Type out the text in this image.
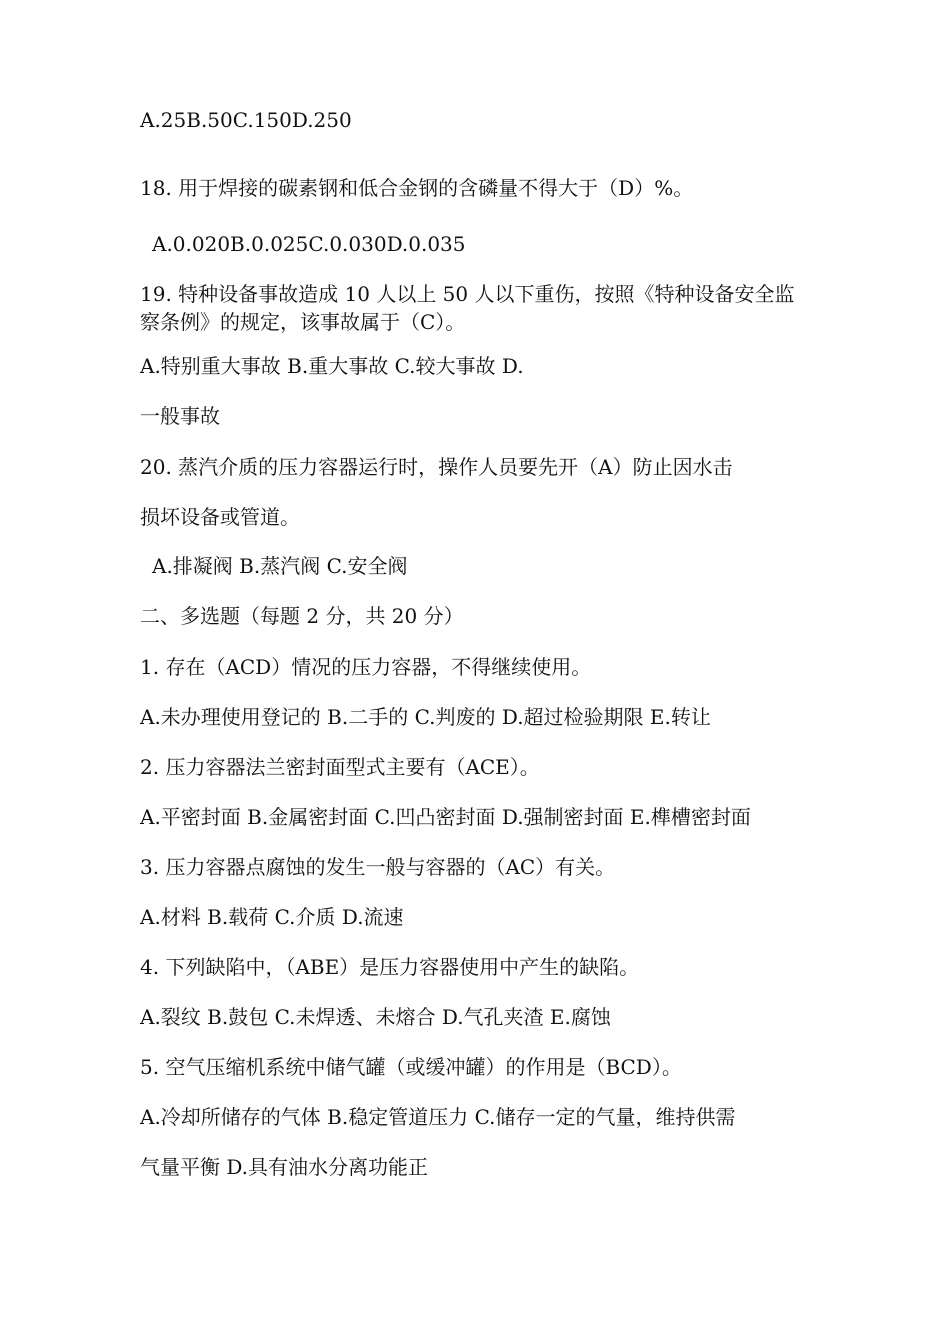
A.25B.50C.150D.250
18. 用于焊接的碳素钢和低合金钢的含磷量不得大于（D）%。
A.0.020B.0.025C.0.030D.0.035
19. 特种设备事故造成 10 人以上 50 人以下重伤，按照《特种设备安全监察条例》的规定，该事故属于（C）。
A.特别重大事故 B.重大事故 C.较大事故 D.
一般事故
20. 蒸汽介质的压力容器运行时，操作人员要先开（A）防止因水击
损坏设备或管道。
A.排凝阀 B.蒸汽阀 C.安全阀
二、多选题（每题 2 分，共 20 分）
1. 存在（ACD）情况的压力容器，不得继续使用。
A.未办理使用登记的 B.二手的 C.判废的 D.超过检验期限 E.转让
2. 压力容器法兰密封面型式主要有（ACE）。
A.平密封面 B.金属密封面 C.凹凸密封面 D.强制密封面 E.榫槽密封面
3. 压力容器点腐蚀的发生一般与容器的（AC）有关。
A.材料 B.载荷 C.介质 D.流速
4. 下列缺陷中，（ABE）是压力容器使用中产生的缺陷。
A.裂纹 B.鼓包 C.未焊透、未熔合 D.气孔夹渣 E.腐蚀
5. 空气压缩机系统中储气罐（或缓冲罐）的作用是（BCD）。
A.冷却所储存的气体 B.稳定管道压力 C.储存一定的气量，维持供需
气量平衡 D.具有油水分离功能正
